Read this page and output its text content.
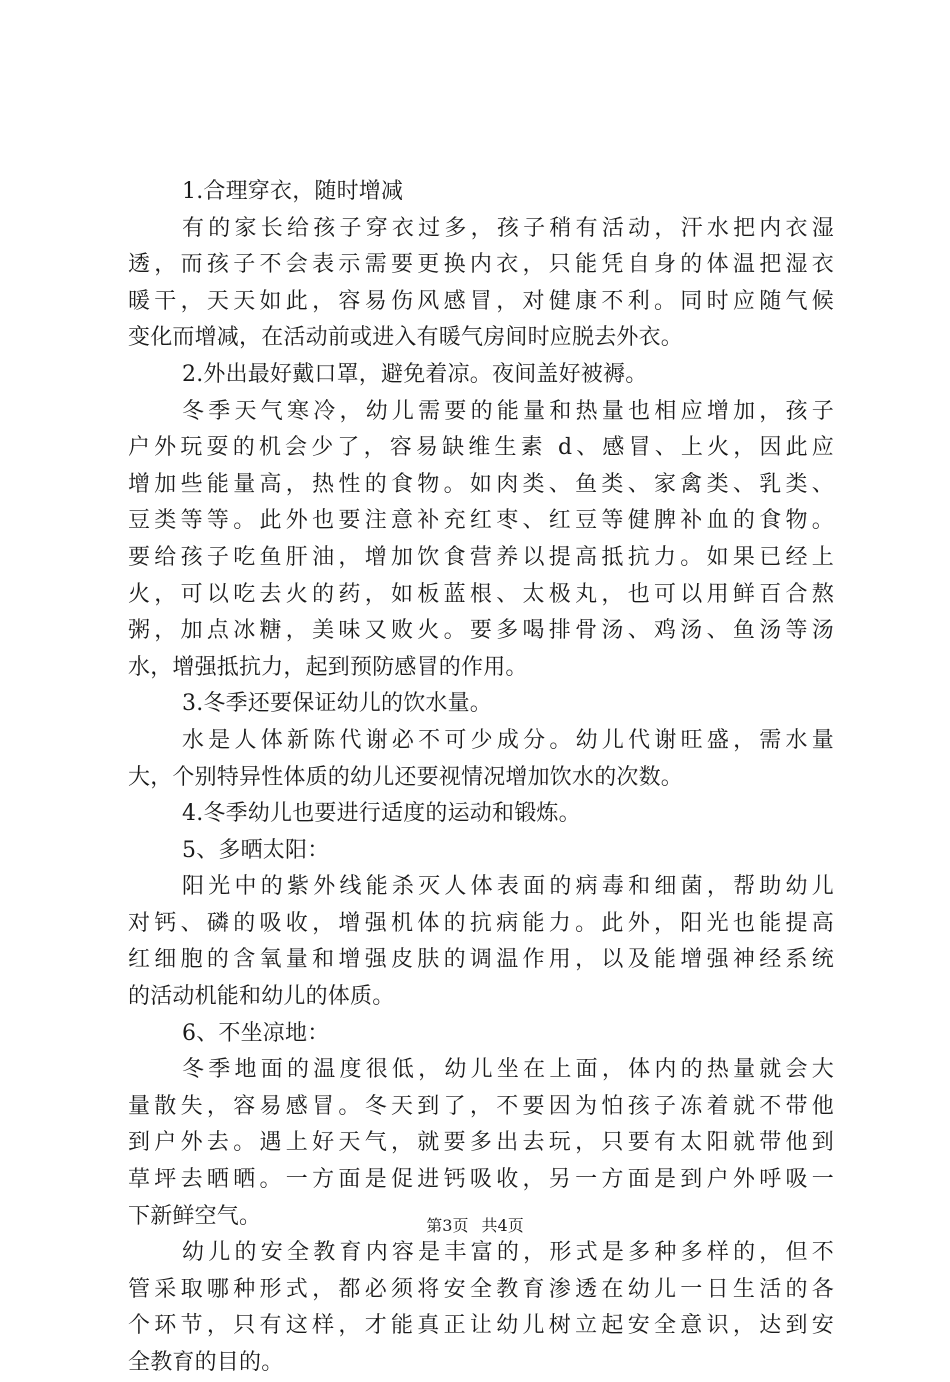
1.合理穿衣，随时增减
有的家长给孩子穿衣过多，孩子稍有活动，汗水把内衣湿
透，而孩子不会表示需要更换内衣，只能凭自身的体温把湿衣
暖干，天天如此，容易伤风感冒，对健康不利。同时应随气候
变化而增减，在活动前或进入有暖气房间时应脱去外衣。
2.外出最好戴口罩，避免着凉。夜间盖好被褥。
冬季天气寒冷，幼儿需要的能量和热量也相应增加，孩子
户外玩耍的机会少了，容易缺维生素 d、感冒、上火，因此应
增加些能量高，热性的食物。如肉类、鱼类、家禽类、乳类、
豆类等等。此外也要注意补充红枣、红豆等健脾补血的食物。
要给孩子吃鱼肝油，增加饮食营养以提高抵抗力。如果已经上
火，可以吃去火的药，如板蓝根、太极丸，也可以用鲜百合熬
粥，加点冰糖，美味又败火。要多喝排骨汤、鸡汤、鱼汤等汤
水，增强抵抗力，起到预防感冒的作用。
3.冬季还要保证幼儿的饮水量。
水是人体新陈代谢必不可少成分。幼儿代谢旺盛，需水量
大，个别特异性体质的幼儿还要视情况增加饮水的次数。
4.冬季幼儿也要进行适度的运动和锻炼。
5、多晒太阳：
阳光中的紫外线能杀灭人体表面的病毒和细菌，帮助幼儿
对钙、磷的吸收，增强机体的抗病能力。此外，阳光也能提高
红细胞的含氧量和增强皮肤的调温作用，以及能增强神经系统
的活动机能和幼儿的体质。
6、不坐凉地：
冬季地面的温度很低，幼儿坐在上面，体内的热量就会大
量散失，容易感冒。冬天到了，不要因为怕孩子冻着就不带他
到户外去。遇上好天气，就要多出去玩，只要有太阳就带他到
草坪去晒晒。一方面是促进钙吸收，另一方面是到户外呼吸一
下新鲜空气。
幼儿的安全教育内容是丰富的，形式是多种多样的，但不
管采取哪种形式，都必须将安全教育渗透在幼儿一日生活的各
个环节，只有这样，才能真正让幼儿树立起安全意识，达到安
全教育的目的。
第3页 共4页
